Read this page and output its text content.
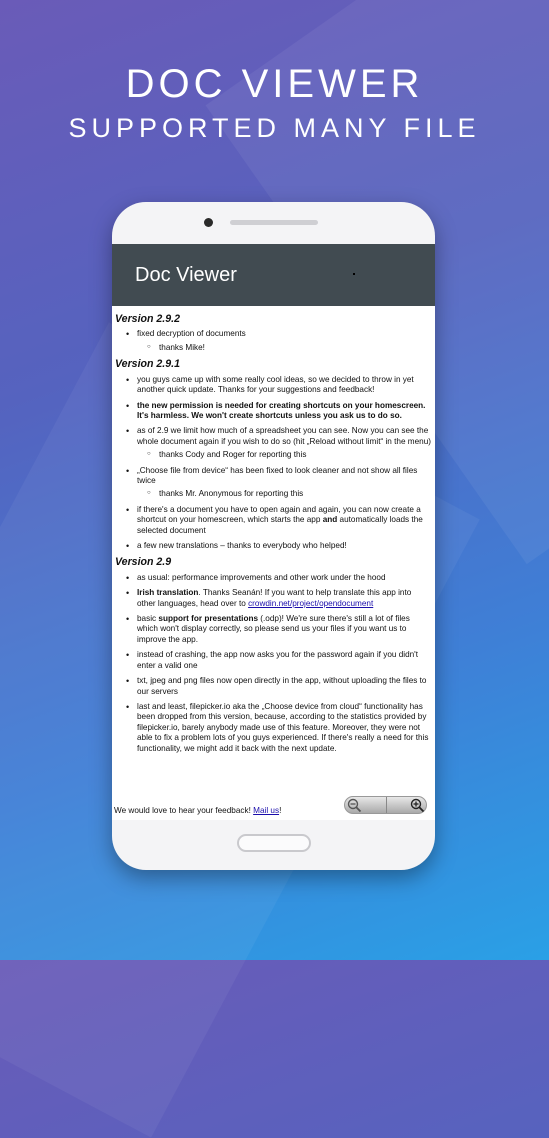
DOC VIEWER
SUPPORTED MANY FILE
Doc Viewer
Version 2.9.2
• fixed decryption of documents
○ thanks Mike!
Version 2.9.1
• you guys came up with some really cool ideas, so we decided to throw in yet another quick update. Thanks for your suggestions and feedback!
• the new permission is needed for creating shortcuts on your homescreen. It's harmless. We won't create shortcuts unless you ask us to do so.
• as of 2.9 we limit how much of a spreadsheet you can see. Now you can see the whole document again if you wish to do so (hit „Reload without limit“ in the menu)
○ thanks Cody and Roger for reporting this
• „Choose file from device“ has been fixed to look cleaner and not show all files twice
○ thanks Mr. Anonymous for reporting this
• if there's a document you have to open again and again, you can now create a shortcut on your homescreen, which starts the app and automatically loads the selected document
• a few new translations – thanks to everybody who helped!
Version 2.9
• as usual: performance improvements and other work under the hood
• Irish translation. Thanks Seanán! If you want to help translate this app into other languages, head over to crowdin.net/project/opendocument
• basic support for presentations (.odp)! We're sure there's still a lot of files which won't display correctly, so please send us your files if you want us to improve the app.
• instead of crashing, the app now asks you for the password again if you didn't enter a valid one
• txt, jpeg and png files now open directly in the app, without uploading the files to our servers
• last and least, filepicker.io aka the „Choose device from cloud“ functionality has been dropped from this version, because, according to the statistics provided by filepicker.io, barely anybody made use of this feature. Moreover, they were not able to fix a problem lots of you guys experienced. If there's really a need for this functionality, we might add it back with the next update.
We would love to hear your feedback! Mail us!
